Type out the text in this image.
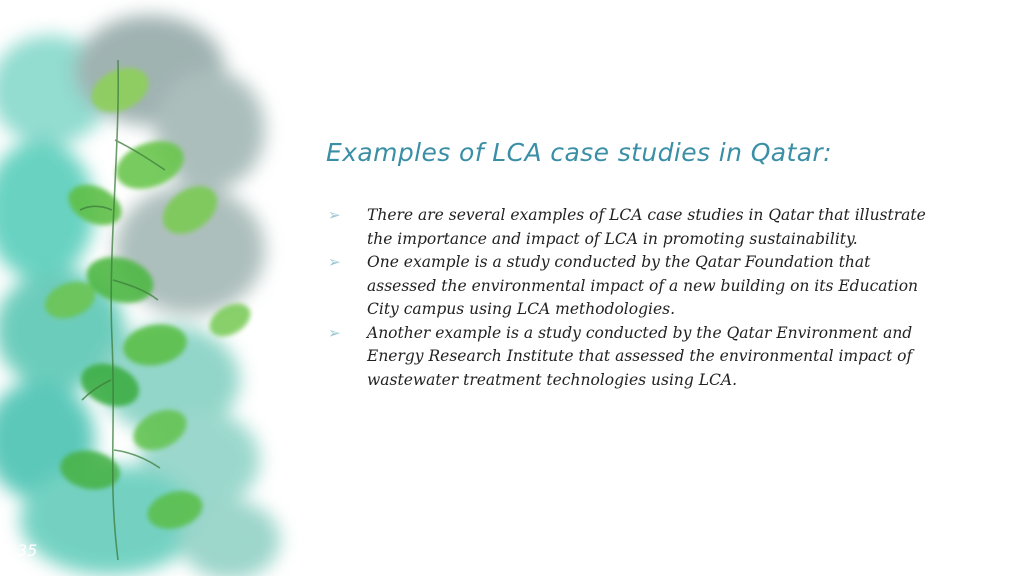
Examples of LCA case studies in Qatar:
➢ There are several examples of LCA case studies in Qatar that illustrate the importance and impact of LCA in promoting sustainability.
➢ One example is a study conducted by the Qatar Foundation that assessed the environmental impact of a new building on its Education City campus using LCA methodologies.
➢ Another example is a study conducted by the Qatar Environment and Energy Research Institute that assessed the environmental impact of wastewater treatment technologies using LCA.
35
